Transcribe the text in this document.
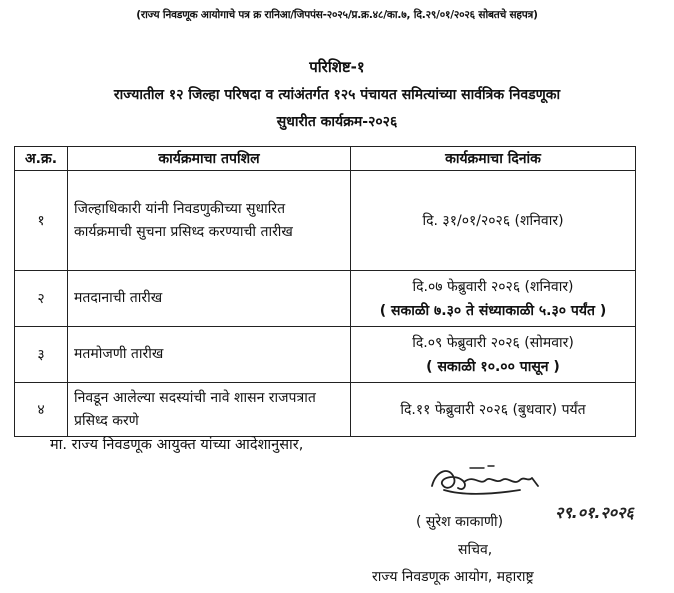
(राज्य निवडणूक आयोगाचे पत्र क्र रानिआ/जिपपंस-२०२५/प्र.क्र.४८/का.७, दि.२९/०१/२०२६ सोबतचे सहपत्र)
परिशिष्ट-१
राज्यातील १२ जिल्हा परिषदा व त्यांअंतर्गत १२५ पंचायत समित्यांच्या सार्वत्रिक निवडणूका
सुधारीत कार्यक्रम-२०२६
अ.क्र.	कार्यक्रमाचा तपशिल	कार्यक्रमाचा दिनांक
१	जिल्हाधिकारी यांनी निवडणुकीच्या सुधारित कार्यक्रमाची सुचना प्रसिध्द करण्याची तारीख	दि. ३१/०१/२०२६ (शनिवार)

२	मतदानाची तारीख	दि.०७ फेब्रुवारी २०२६ (शनिवार)
( सकाळी ७.३० ते संध्याकाळी ५.३० पर्यंत )

३	मतमोजणी तारीख	दि.०९ फेब्रुवारी २०२६ (सोमवार)
( सकाळी १०.०० पासून )

४	निवडून आलेल्या सदस्यांची नावे शासन राजपत्रात प्रसिध्द करणे	दि.११ फेब्रुवारी २०२६ (बुधवार) पर्यंत
मा. राज्य निवडणूक आयुक्त यांच्या आदेशानुसार,
२९.०१.२०२६
( सुरेश काकाणी)
सचिव,
राज्य निवडणूक आयोग, महाराष्ट्र
